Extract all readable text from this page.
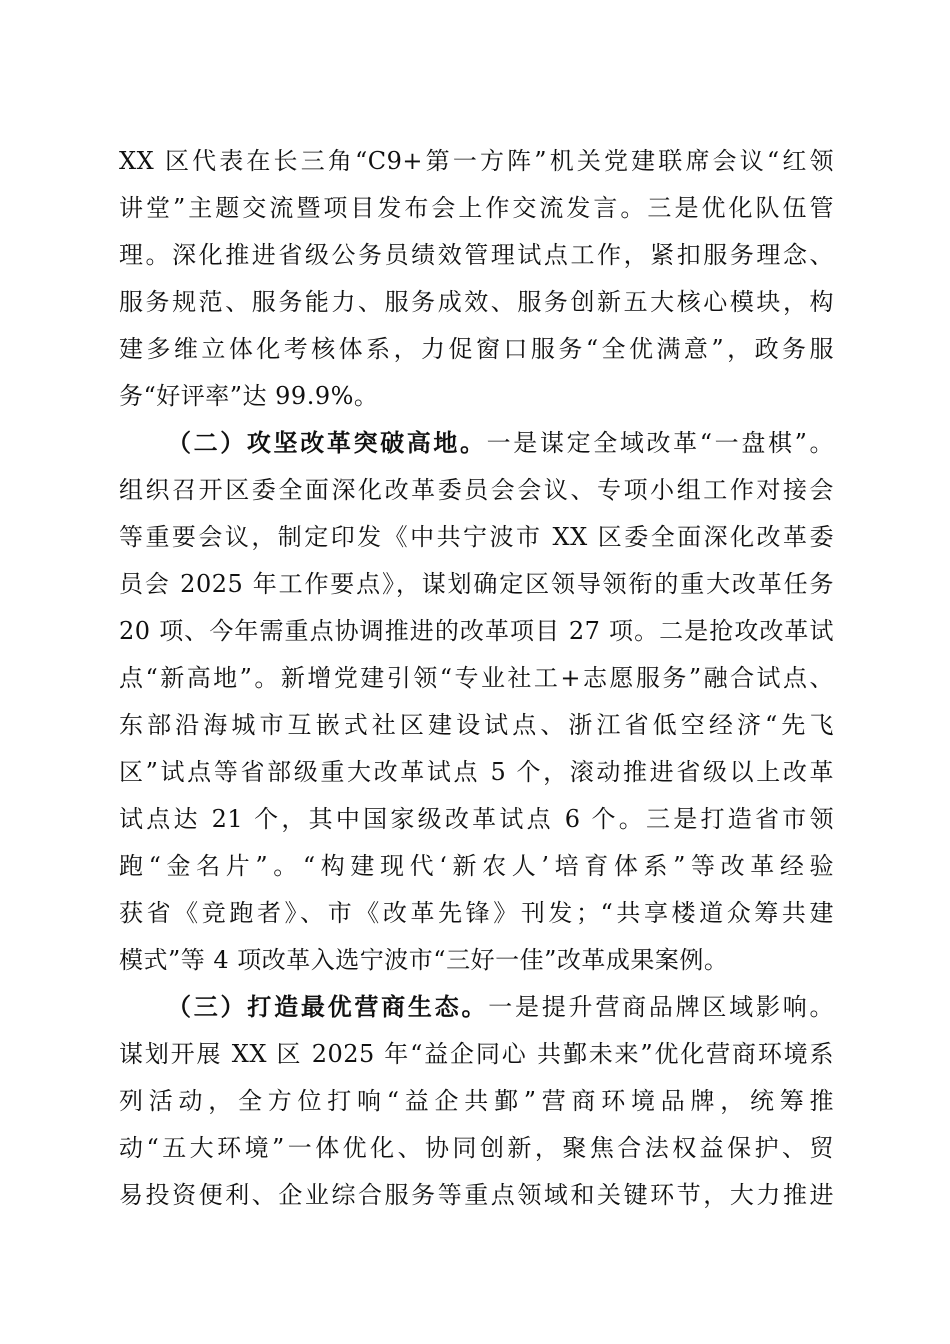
XX 区代表在长三角“C9+第一方阵”机关党建联席会议“红领
讲堂”主题交流暨项目发布会上作交流发言。三是优化队伍管
理。深化推进省级公务员绩效管理试点工作，紧扣服务理念、
服务规范、服务能力、服务成效、服务创新五大核心模块，构
建多维立体化考核体系，力促窗口服务“全优满意”，政务服
务“好评率”达 99.9%。
（二）攻坚改革突破高地。一是谋定全域改革“一盘棋”。
组织召开区委全面深化改革委员会会议、专项小组工作对接会
等重要会议，制定印发《中共宁波市 XX 区委全面深化改革委
员会 2025 年工作要点》，谋划确定区领导领衔的重大改革任务
20 项、今年需重点协调推进的改革项目 27 项。二是抢攻改革试
点“新高地”。新增党建引领“专业社工+志愿服务”融合试点、
东部沿海城市互嵌式社区建设试点、浙江省低空经济“先飞
区”试点等省部级重大改革试点 5 个，滚动推进省级以上改革
试点达 21 个，其中国家级改革试点 6 个。三是打造省市领
跑“金名片”。“构建现代‘新农人’培育体系”等改革经验
获省《竞跑者》、市《改革先锋》刊发；“共享楼道众筹共建
模式”等 4 项改革入选宁波市“三好一佳”改革成果案例。
（三）打造最优营商生态。一是提升营商品牌区域影响。
谋划开展 XX 区 2025 年“益企同心 共鄞未来”优化营商环境系
列活动，全方位打响“益企共鄞”营商环境品牌，统筹推
动“五大环境”一体优化、协同创新，聚焦合法权益保护、贸
易投资便利、企业综合服务等重点领域和关键环节，大力推进
